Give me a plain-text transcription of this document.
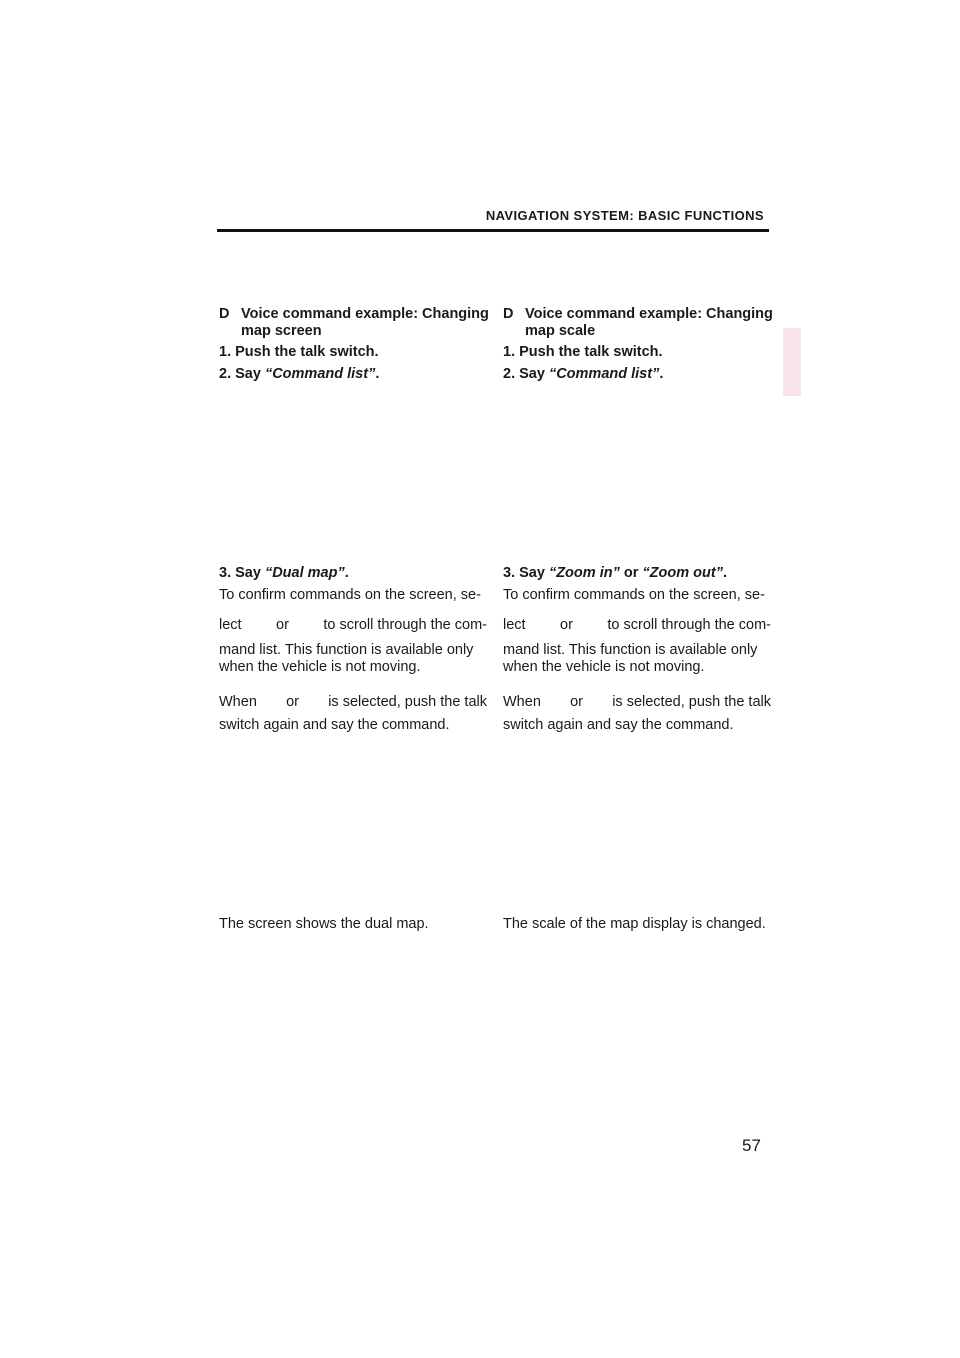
NAVIGATION SYSTEM: BASIC FUNCTIONS
D Voice command example: Changing map screen
1. Push the talk switch.
2. Say “Command list”.
3. Say “Dual map”.
To confirm commands on the screen, se-
lect or to scroll through the com-
mand list. This function is available only when the vehicle is not moving.
When or is selected, push the talk
switch again and say the command.
The screen shows the dual map.
D Voice command example: Changing map scale
1. Push the talk switch.
2. Say “Command list”.
3. Say “Zoom in” or “Zoom out”.
To confirm commands on the screen, se-
lect or to scroll through the com-
mand list. This function is available only when the vehicle is not moving.
When or is selected, push the talk
switch again and say the command.
The scale of the map display is changed.
57
